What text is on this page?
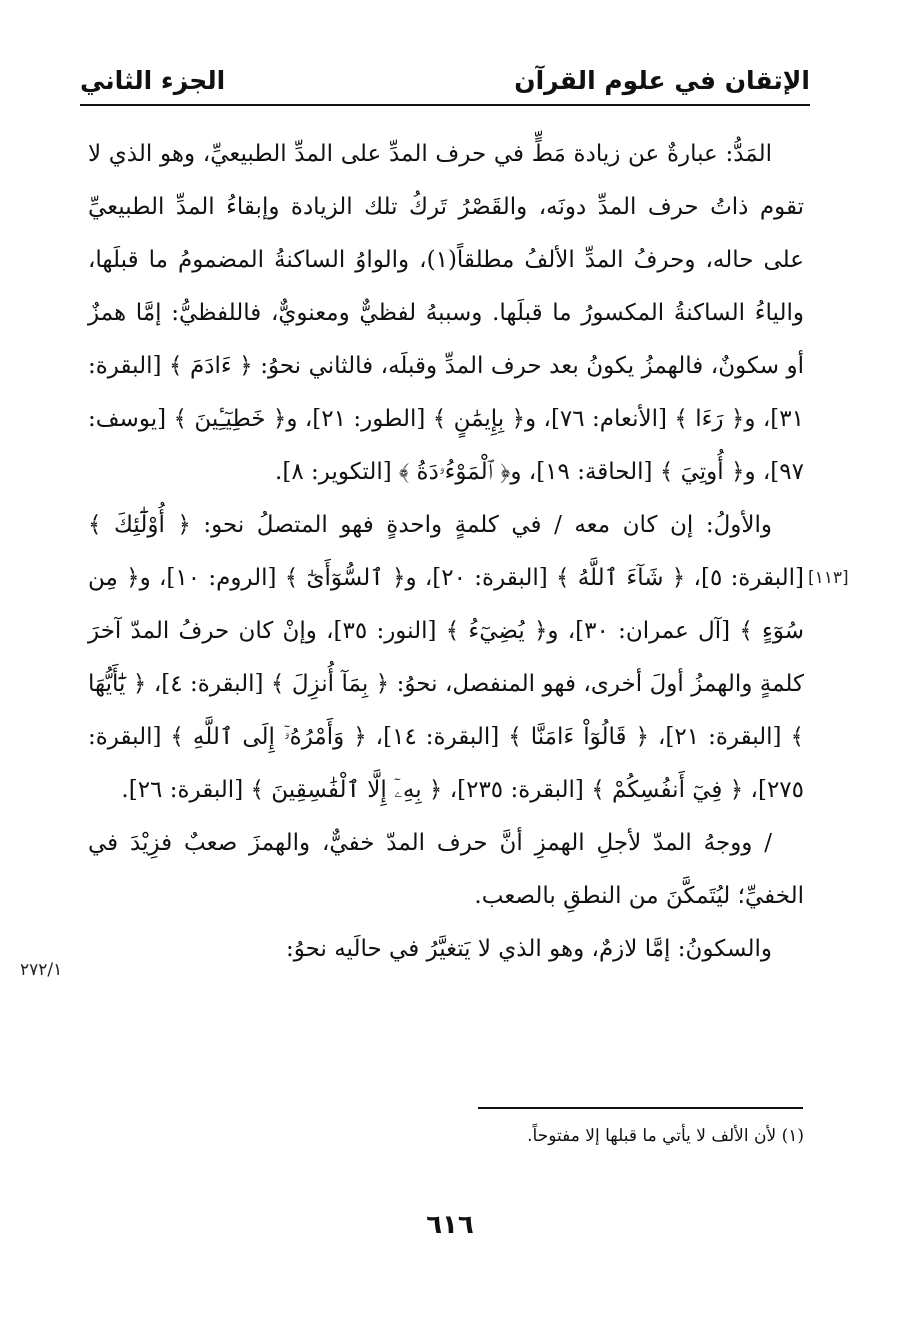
الإتقان في علوم القرآن
الجزء الثاني

المَدُّ: عبارةٌ عن زيادة مَطٍّ في حرف المدِّ على المدِّ الطبيعيِّ، وهو الذي لا تقوم ذاتُ حرف المدِّ دونَه، والقَصْرُ تَركُ تلك الزيادة وإبقاءُ المدِّ الطبيعيِّ على حاله، وحرفُ المدِّ الألفُ مطلقاً(١)، والواوُ الساكنةُ المضمومُ ما قبلَها، والياءُ الساكنةُ المكسورُ ما قبلَها. وسببهُ لفظيٌّ ومعنويٌّ، فاللفظيُّ: إمَّا همزٌ أو سكونٌ، فالهمزُ يكونُ بعد حرف المدِّ وقبلَه، فالثاني نحوُ: ﴿ ءَادَمَ ﴾ [البقرة: ٣١]، و﴿ رَءَا ﴾ [الأنعام: ٧٦]، و﴿ بِإِيمَٰنٍ ﴾ [الطور: ٢١]، و﴿ خَطِيٓـِٔينَ ﴾ [يوسف: ٩٧]، و﴿ أُوتِيَ ﴾ [الحاقة: ١٩]، و﴿ ٱلْمَوْءُۥدَةُ ﴾ [التكوير: ٨].

والأولُ: إن كان معه / في كلمةٍ واحدةٍ فهو المتصلُ نحو: ﴿ أُوْلَٰٓئِكَ ﴾ [البقرة: ٥]، ﴿ شَآءَ ٱللَّهُ ﴾ [البقرة: ٢٠]، و﴿ ٱلسُّوٓأَىٰٓ ﴾ [الروم: ١٠]، و﴿ مِن سُوٓءٍ ﴾ [آل عمران: ٣٠]، و﴿ يُضِيٓءُ ﴾ [النور: ٣٥]، وإنْ كان حرفُ المدّ آخرَ كلمةٍ والهمزُ أولَ أخرى، فهو المنفصل، نحوُ: ﴿ بِمَآ أُنزِلَ ﴾ [البقرة: ٤]، ﴿ يَٰٓأَيُّهَا ﴾ [البقرة: ٢١]، ﴿ قَالُوٓاْ ءَامَنَّا ﴾ [البقرة: ١٤]، ﴿ وَأَمْرُهُۥٓ إِلَى ٱللَّهِ ﴾ [البقرة: ٢٧٥]، ﴿ فِيٓ أَنفُسِكُمْ ﴾ [البقرة: ٢٣٥]، ﴿ بِهِۦٓ إِلَّا ٱلْفَٰسِقِينَ ﴾ [البقرة: ٢٦].

/ ووجهُ المدّ لأجلِ الهمزِ أنَّ حرف المدّ خفيٌّ، والهمزَ صعبٌ فزِيْدَ في الخفيِّ؛ ليُتَمكَّنَ من النطقِ بالصعب.

والسكونُ: إمَّا لازمٌ، وهو الذي لا يَتغيَّرُ في حالَيه نحوُ:

[١١٣]
٢٧٢/١
(١) لأن الألف لا يأتي ما قبلها إلا مفتوحاً.
٦١٦
